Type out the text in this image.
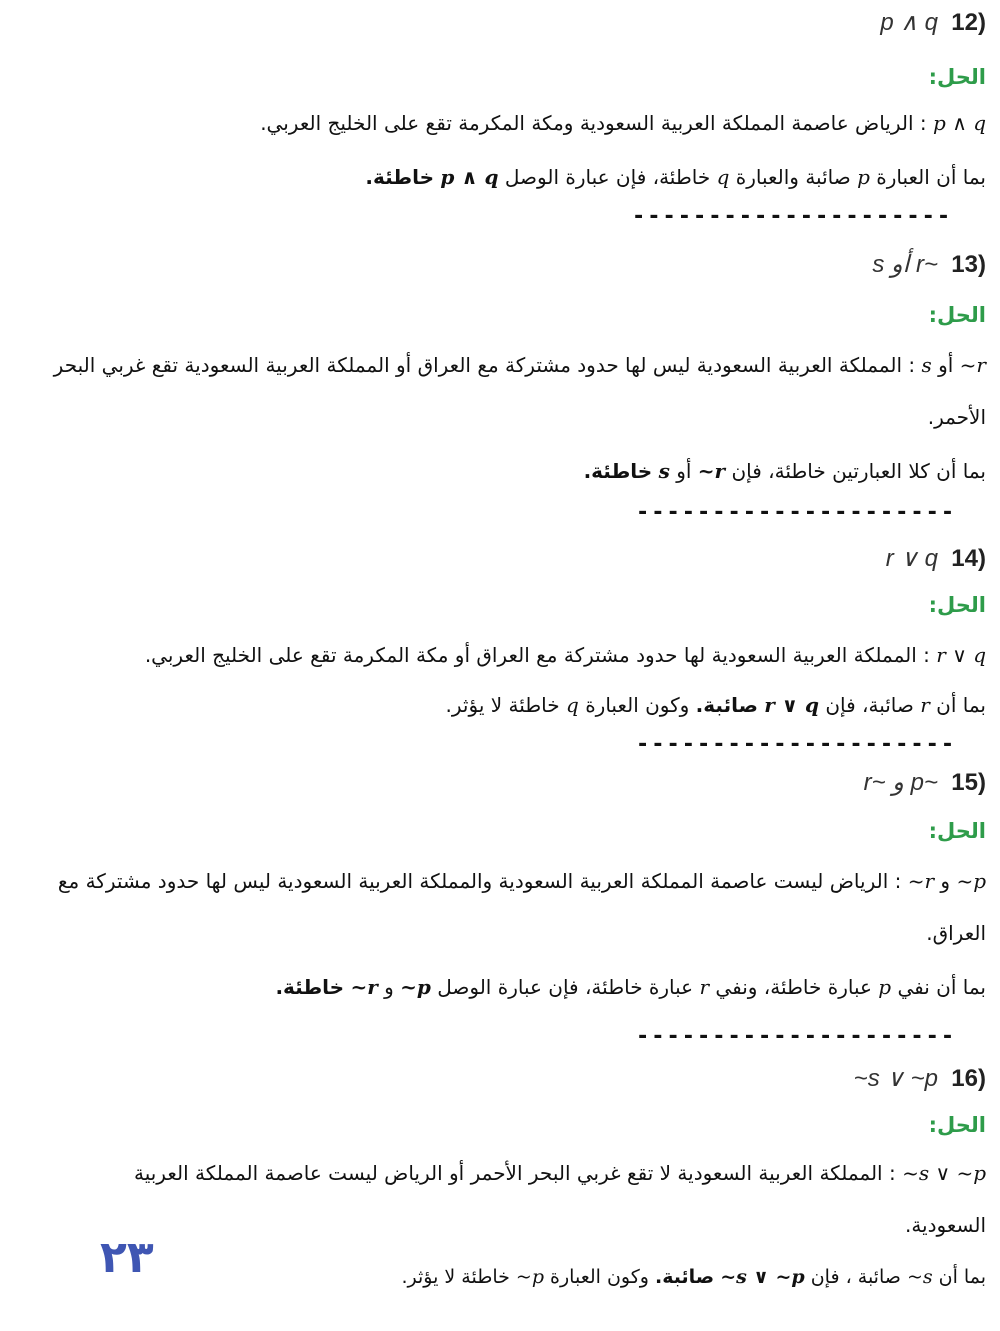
(12  p ∧ q
الحل:
p ∧ q : الرياض عاصمة المملكة العربية السعودية ومكة المكرمة تقع على الخليج العربي.
بما أن العبارة p صائبة والعبارة q خاطئة، فإن عبارة الوصل p ∧ q خاطئة.
---------------------
(13  ~r أو s
الحل:
~r أو s : المملكة العربية السعودية ليس لها حدود مشتركة مع العراق أو المملكة العربية السعودية تقع غربي البحر
الأحمر.
بما أن كلا العبارتين خاطئة، فإن ~r أو s خاطئة.
---------------------
(14  r ∨ q
الحل:
r ∨ q : المملكة العربية السعودية لها حدود مشتركة مع العراق أو مكة المكرمة تقع على الخليج العربي.
بما أن r صائبة، فإن r ∨ q صائبة. وكون العبارة q خاطئة لا يؤثر.
---------------------
(15  ~p و ~r
الحل:
~p و ~r : الرياض ليست عاصمة المملكة العربية السعودية والمملكة العربية السعودية ليس لها حدود مشتركة مع
العراق.
بما أن نفي p عبارة خاطئة، ونفي r عبارة خاطئة، فإن عبارة الوصل ~p و ~r خاطئة.
---------------------
(16  ~s ∨ ~p
الحل:
~s ∨ ~p : المملكة العربية السعودية لا تقع غربي البحر الأحمر أو الرياض ليست عاصمة المملكة العربية
السعودية.
بما أن ~s صائبة ، فإن ~s ∨ ~p صائبة. وكون العبارة ~p خاطئة لا يؤثر.
٢٣
